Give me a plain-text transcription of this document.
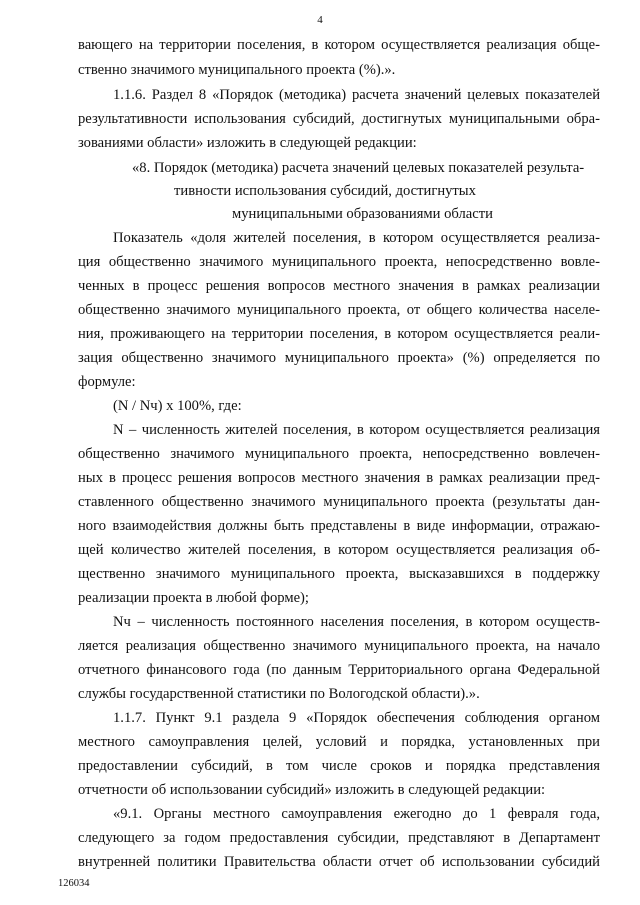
4
вающего на территории поселения, в котором осуществляется реализация обще-
ственно значимого муниципального проекта (%).».
1.1.6. Раздел 8 «Порядок (методика) расчета значений целевых показателей
результативности использования субсидий, достигнутых муниципальными обра-
зованиями области» изложить в следующей редакции:
«8. Порядок (методика) расчета значений целевых показателей результа-
тивности использования субсидий, достигнутых
муниципальными образованиями области
Показатель «доля жителей поселения, в котором осуществляется реализа-
ция общественно значимого муниципального проекта, непосредственно вовле-
ченных в процесс решения вопросов местного значения в рамках реализации
общественно значимого муниципального проекта, от общего количества населе-
ния, проживающего на территории поселения, в котором осуществляется реали-
зация общественно значимого муниципального проекта» (%) определяется по
формуле:
(N / Nч) x 100%, где:
N – численность жителей поселения, в котором осуществляется реализация
общественно значимого муниципального проекта, непосредственно вовлечен-
ных в процесс решения вопросов местного значения в рамках реализации пред-
ставленного общественно значимого муниципального проекта (результаты дан-
ного взаимодействия должны быть представлены в виде информации, отражаю-
щей количество жителей поселения, в котором осуществляется реализация об-
щественно значимого муниципального проекта, высказавшихся в поддержку
реализации проекта в любой форме);
Nч – численность постоянного населения поселения, в котором осуществ-
ляется реализация общественно значимого муниципального проекта, на начало
отчетного финансового года (по данным Территориального органа Федеральной
службы государственной статистики по Вологодской области).».
1.1.7. Пункт 9.1 раздела 9 «Порядок обеспечения соблюдения органом
местного самоуправления целей, условий и порядка, установленных при
предоставлении субсидий, в том числе сроков и порядка представления
отчетности об использовании субсидий» изложить в следующей редакции:
«9.1. Органы местного самоуправления ежегодно до 1 февраля года,
следующего за годом предоставления субсидии, представляют в Департамент
внутренней политики Правительства области отчет об использовании субсидий
126034
